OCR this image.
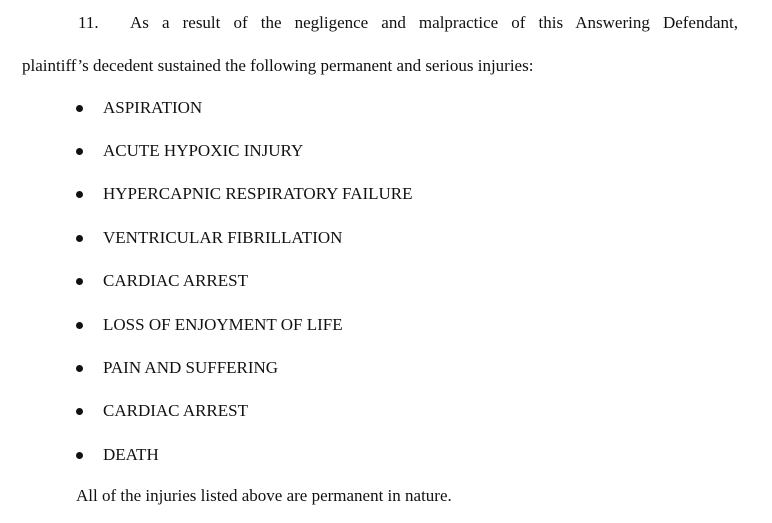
11. As a result of the negligence and malpractice of this Answering Defendant,
plaintiff’s decedent sustained the following permanent and serious injuries:
ASPIRATION
ACUTE HYPOXIC INJURY
HYPERCAPNIC RESPIRATORY FAILURE
VENTRICULAR FIBRILLATION
CARDIAC ARREST
LOSS OF ENJOYMENT OF LIFE
PAIN AND SUFFERING
CARDIAC ARREST
DEATH
All of the injuries listed above are permanent in nature.
